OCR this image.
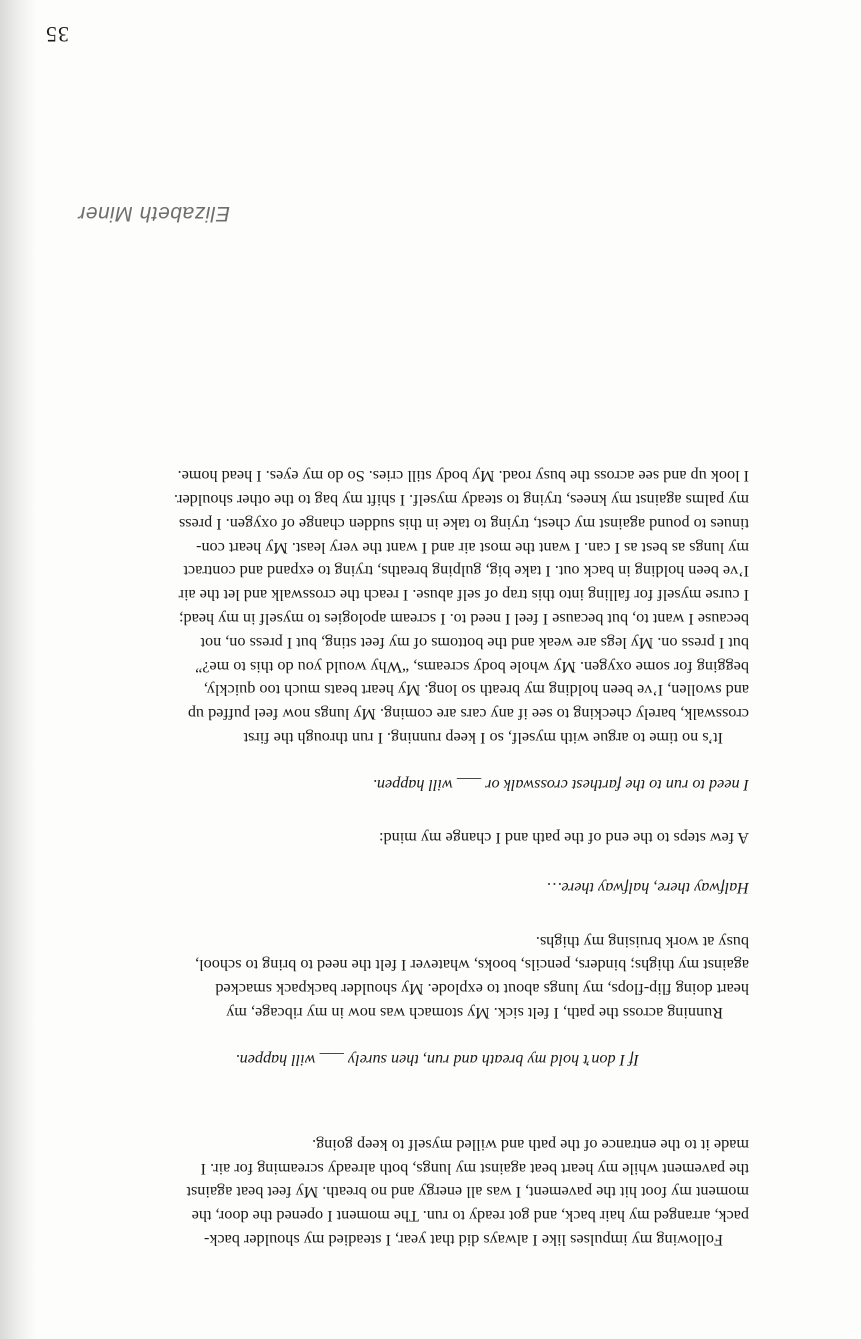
35
Elizabeth Miner
Following my impulses like I always did that year, I steadied my shoulder back-
pack, arranged my hair back, and got ready to run. The moment I opened the door, the
moment my foot hit the pavement, I was all energy and no breath. My feet beat against
the pavement while my heart beat against my lungs, both already screaming for air. I
made it to the entrance of the path and willed myself to keep going.
If I don’t hold my breath and run, then surely ___ will happen.
Running across the path, I felt sick. My stomach was now in my ribcage, my
heart doing flip-flops, my lungs about to explode. My shoulder backpack smacked
against my thighs; binders, pencils, books, whatever I felt the need to bring to school,
busy at work bruising my thighs.
Halfway there, halfway there…
A few steps to the end of the path and I change my mind:
I need to run to the farthest crosswalk or ___ will happen.
It’s no time to argue with myself, so I keep running. I run through the first
crosswalk, barely checking to see if any cars are coming. My lungs now feel puffed up
and swollen, I’ve been holding my breath so long. My heart beats much too quickly,
begging for some oxygen. My whole body screams, “Why would you do this to me?”
but I press on. My legs are weak and the bottoms of my feet sting, but I press on, not
because I want to, but because I feel I need to. I scream apologies to myself in my head;
I curse myself for falling into this trap of self abuse. I reach the crosswalk and let the air
I’ve been holding in back out. I take big, gulping breaths, trying to expand and contract
my lungs as best as I can. I want the most air and I want the very least. My heart con-
tinues to pound against my chest, trying to take in this sudden change of oxygen. I press
my palms against my knees, trying to steady myself. I shift my bag to the other shoulder.
I look up and see across the busy road. My body still cries. So do my eyes. I head home.
